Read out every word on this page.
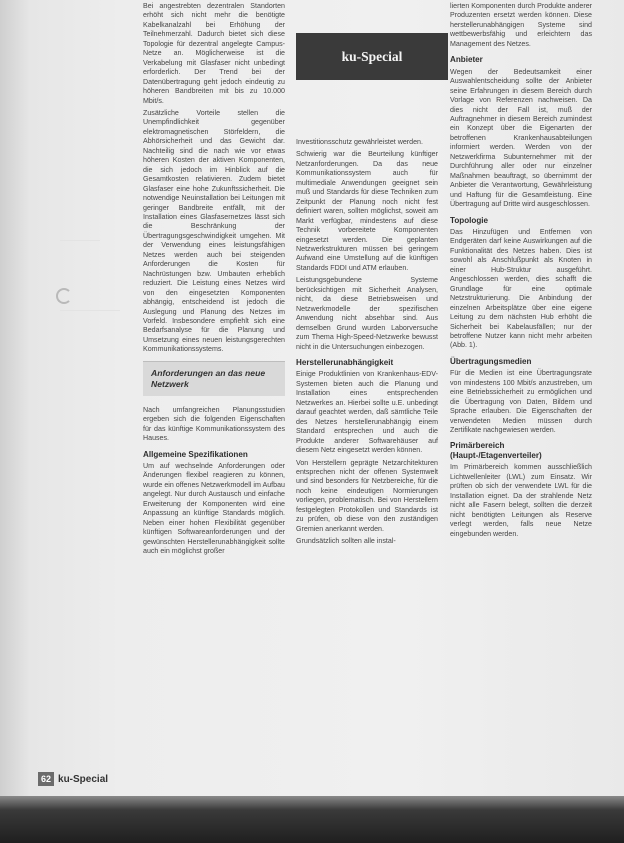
ku-Special

Bei angestrebten dezentralen Standorten erhöht sich nicht mehr die benötigte Kabelkanalzahl bei Erhöhung der Teilnehmerzahl. Dadurch bietet sich diese Topologie für dezentral angelegte Campus-Netze an. Möglicherweise ist die Verkabelung mit Glasfaser nicht unbedingt erforderlich. Der Trend bei der Datenübertragung geht jedoch eindeutig zu höheren Bandbreiten mit bis zu 10.000 Mbit/s.

Zusätzliche Vorteile stellen die Unempfindlichkeit gegenüber elektromagnetischen Störfeldern, die Abhörsicherheit und das Gewicht dar. Nachteilig sind die nach wie vor etwas höheren Kosten der aktiven Komponenten, die sich jedoch im Hinblick auf die Gesamtkosten relativieren. Zudem bietet Glasfaser eine hohe Zukunftssicherheit. Die notwendige Neuinstallation bei Leitungen mit geringer Bandbreite entfällt, mit der Installation eines Glasfasernetzes lässt sich die Beschränkung der Übertragungsgeschwindigkeit umgehen. Mit der Verwendung eines leistungsfähigen Netzes werden auch bei steigenden Anforderungen die Kosten für Nachrüstungen bzw. Umbauten erheblich reduziert. Die Leistung eines Netzes wird von den eingesetzten Komponenten abhängig, entscheidend ist jedoch die Auslegung und Planung des Netzes im Vorfeld. Insbesondere empfiehlt sich eine Bedarfsanalyse für die Planung und Umsetzung eines neuen leistungsgerechten Kommunikationssystems.

Anforderungen an das neue Netzwerk

Nach umfangreichen Planungsstudien ergeben sich die folgenden Eigenschaften für das künftige Kommunikationssystem des Hauses.

Allgemeine Spezifikationen

Um auf wechselnde Anforderungen oder Änderungen flexibel reagieren zu können, wurde ein offenes Netzwerkmodell im Aufbau angelegt. Nur durch Austausch und einfache Erweiterung der Komponenten wird eine Anpassung an künftige Standards möglich. Neben einer hohen Flexibilität gegenüber künftigen Softwareanforderungen und der gewünschten Herstellerunabhängigkeit sollte auch ein möglichst großer

Investitionsschutz gewährleistet werden.

Schwierig war die Beurteilung künftiger Netzanforderungen. Da das neue Kommunikationssystem auch für multimediale Anwendungen geeignet sein muß und Standards für diese Techniken zum Zeitpunkt der Planung noch nicht fest definiert waren, sollten möglichst, soweit am Markt verfügbar, mindestens auf diese Technik vorbereitete Komponenten eingesetzt werden. Die geplanten Netzwerkstrukturen müssen bei geringem Aufwand eine Umstellung auf die künftigen Standards FDDI und ATM erlauben.

Leistungsgebundene Systeme berücksichtigen mit Sicherheit Analysen, nicht, da diese Betriebsweisen und Netzwerkmodelle der spezifischen Anwendung nicht absehbar sind. Aus demselben Grund wurden Laborversuche zum Thema High-Speed-Netzwerke bewusst nicht in die Untersuchungen einbezogen.

Herstellerunabhängigkeit

Einige Produktlinien von Krankenhaus-EDV-Systemen bieten auch die Planung und Installation eines entsprechenden Netzwerkes an. Hierbei sollte u.E. unbedingt darauf geachtet werden, daß sämtliche Teile des Netzes herstellerunabhängig einem Standard entsprechen und auch die Produkte anderer Softwarehäuser auf diesem Netz eingesetzt werden können.

Von Herstellern geprägte Netzarchitekturen entsprechen nicht der offenen Systemwelt und sind besonders für Netzbereiche, für die noch keine eindeutigen Normierungen vorliegen, problematisch. Bei von Herstellern festgelegten Protokollen und Standards ist zu prüfen, ob diese von den zuständigen Gremien anerkannt werden.

Grundsätzlich sollten alle instal-

lierten Komponenten durch Produkte anderer Produzenten ersetzt werden können. Diese herstellerunabhängigen Systeme sind wettbewerbsfähig und erleichtern das Management des Netzes.

Anbieter

Wegen der Bedeutsamkeit einer Auswahlentscheidung sollte der Anbieter seine Erfahrungen in diesem Bereich durch Vorlage von Referenzen nachweisen. Da dies nicht der Fall ist, muß der Auftragnehmer in diesem Bereich zumindest ein Konzept über die Eigenarten der betroffenen Krankenhausabteilungen informiert werden. Werden von der Netzwerkfirma Subunternehmer mit der Durchführung aller oder nur einzelner Maßnahmen beauftragt, so übernimmt der Anbieter die Verantwortung, Gewährleistung und Haftung für die Gesamtleistung. Eine Übertragung auf Dritte wird ausgeschlossen.

Topologie

Das Hinzufügen und Entfernen von Endgeräten darf keine Auswirkungen auf die Funktionalität des Netzes haben. Dies ist sowohl als Anschlußpunkt als Knoten in einer Hub-Struktur ausgeführt. Angeschlossen werden, dies schafft die Grundlage für eine optimale Netzstrukturierung. Die Anbindung der einzelnen Arbeitsplätze über eine eigene Leitung zu dem nächsten Hub erhöht die Sicherheit bei Kabelausfällen; nur der betroffene Nutzer kann nicht mehr arbeiten (Abb. 1).

Übertragungsmedien

Für die Medien ist eine Übertragungsrate von mindestens 100 Mbit/s anzustreben, um eine Betriebssicherheit zu ermöglichen und die Übertragung von Daten, Bildern und Sprache erlauben. Die Eigenschaften der verwendeten Medien müssen durch Zertifikate nachgewiesen werden.

Primärbereich (Haupt-/Etagenverteiler)

Im Primärbereich kommen ausschließlich Lichtwellenleiter (LWL) zum Einsatz. Wir prüften ob sich der verwendete LWL für die Installation eignet. Da der strahlende Netz nicht alle Fasern belegt, sollten die derzeit nicht benötigten Leitungen als Reserve verlegt werden, falls neue Netze eingebunden werden.

62 ku-Special
